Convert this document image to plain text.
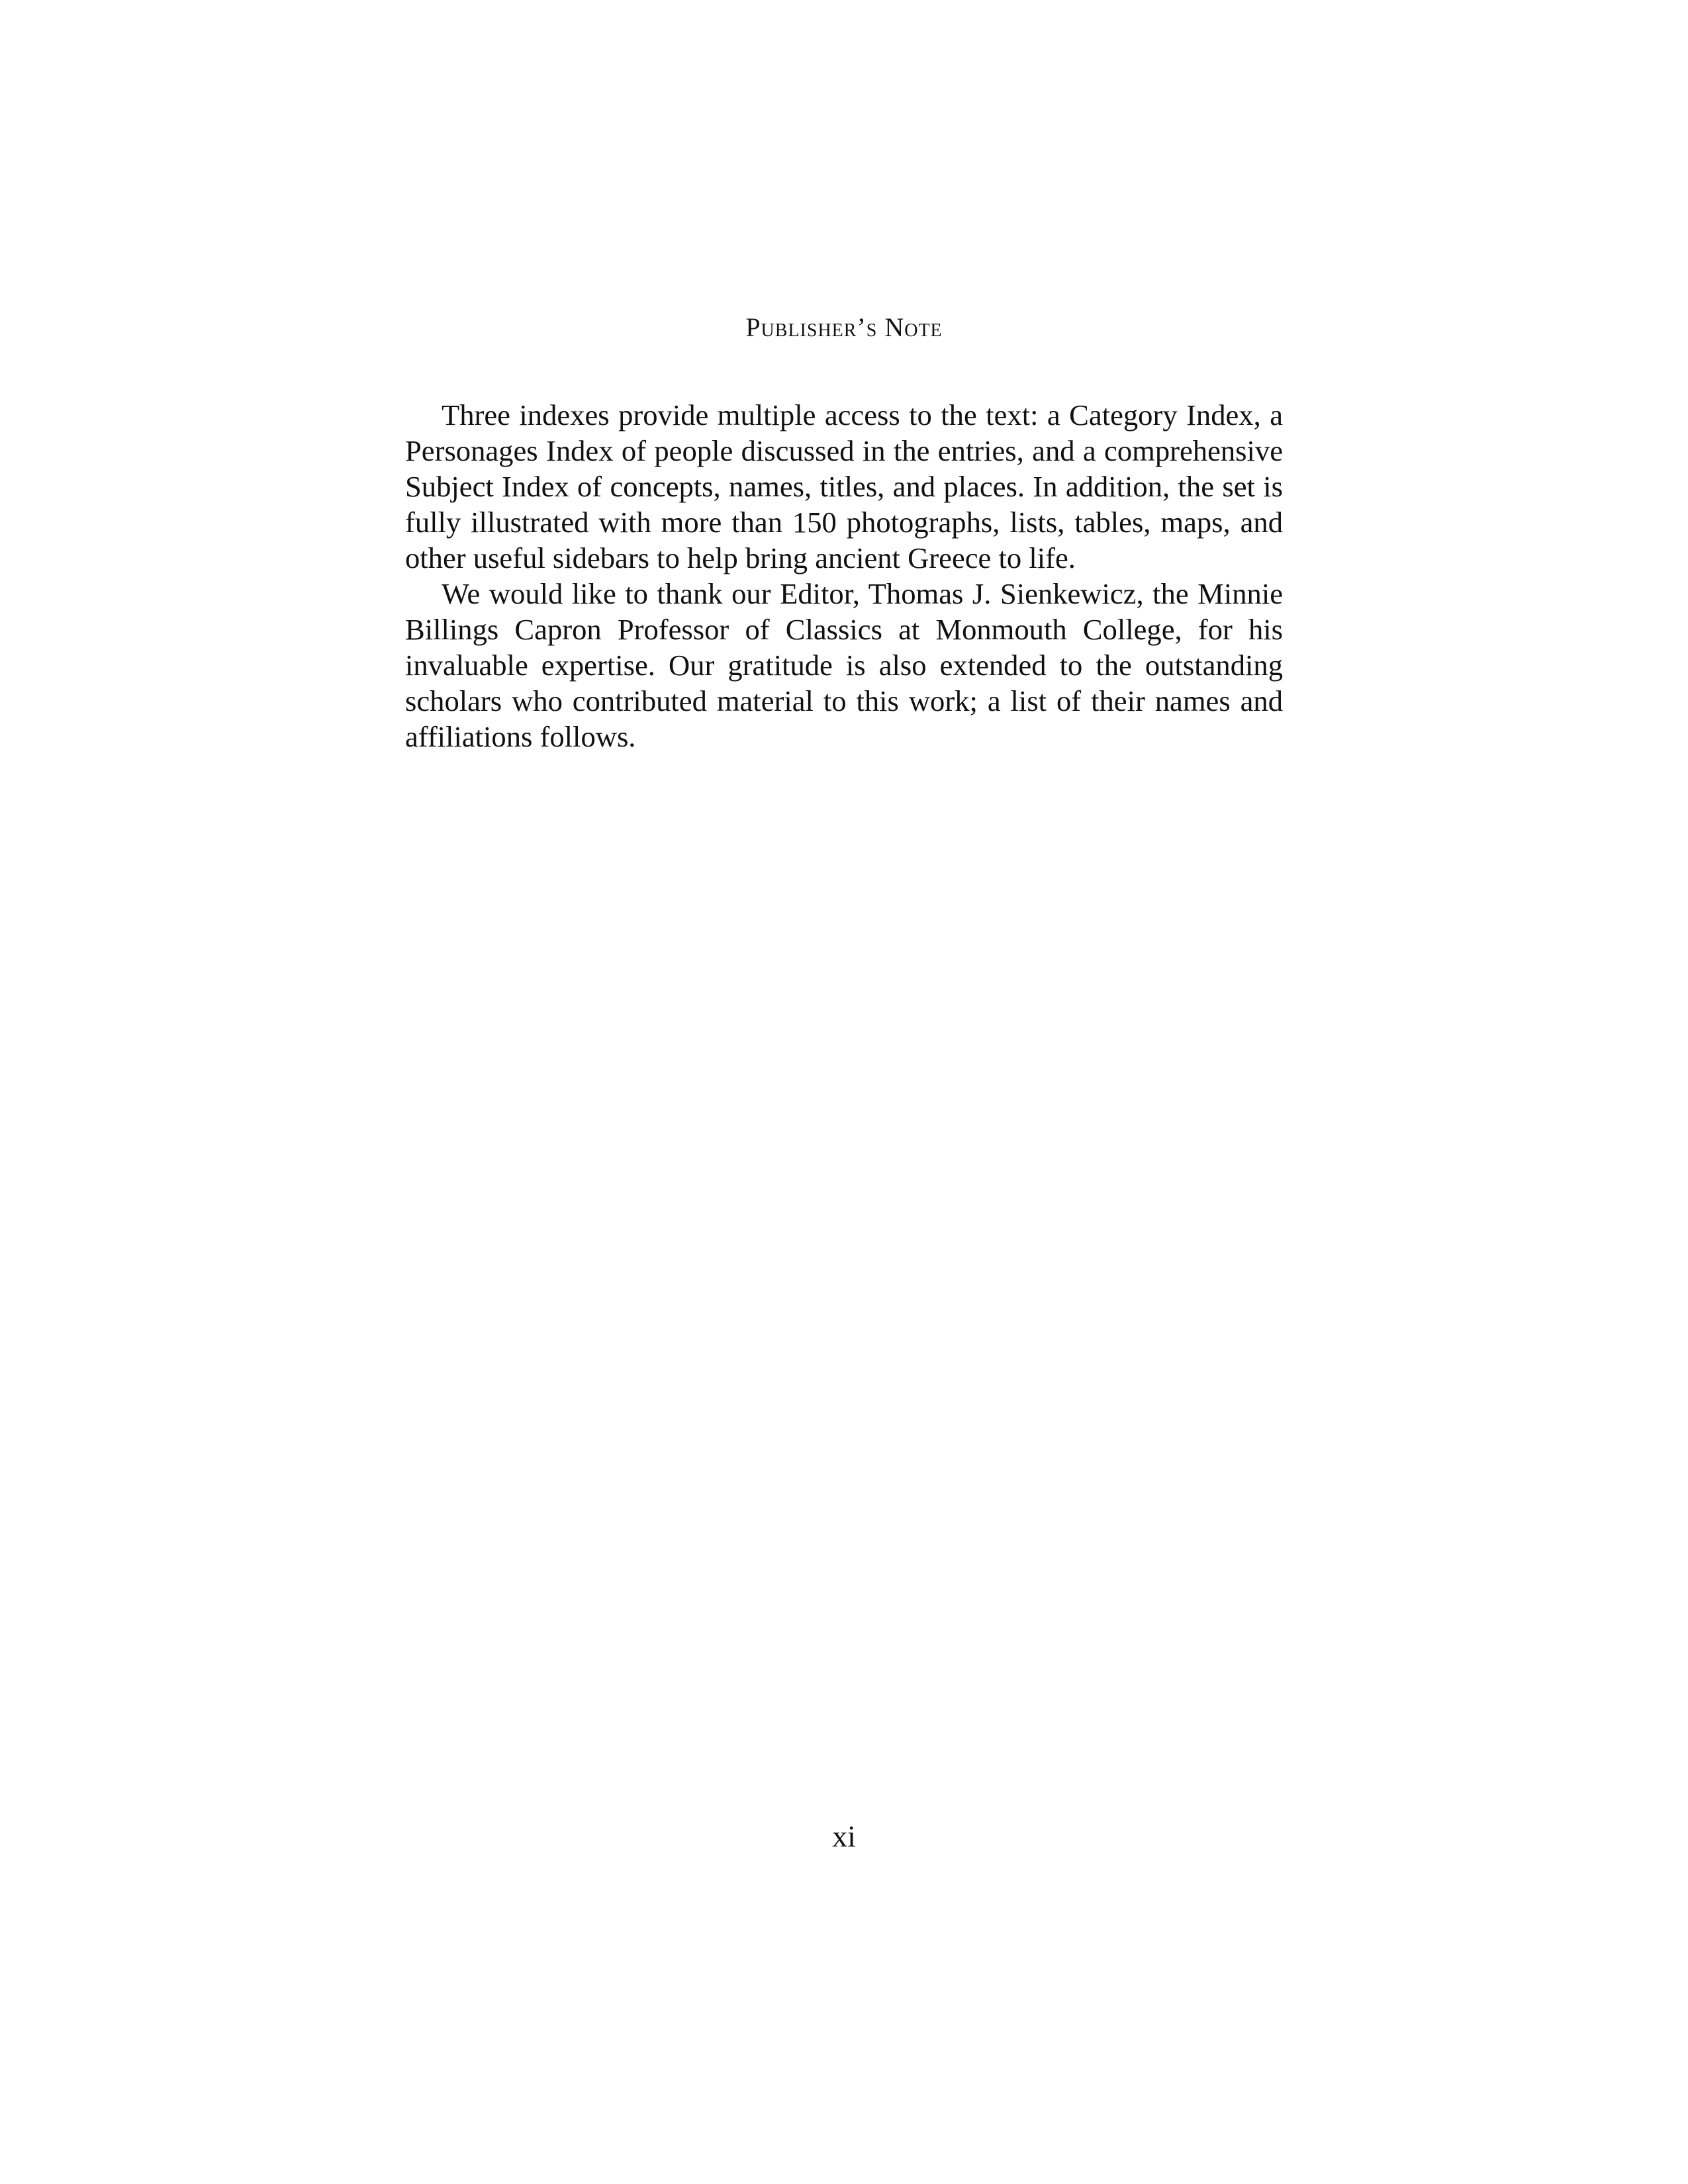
Publisher’s Note

Three indexes provide multiple access to the text: a Category Index, a Personages Index of people discussed in the entries, and a comprehensive Subject Index of concepts, names, titles, and places. In addition, the set is fully illustrated with more than 150 photographs, lists, tables, maps, and other useful sidebars to help bring ancient Greece to life.

We would like to thank our Editor, Thomas J. Sienkewicz, the Minnie Billings Capron Professor of Classics at Monmouth College, for his invaluable expertise. Our gratitude is also extended to the outstanding scholars who contributed material to this work; a list of their names and affiliations follows.

xi
